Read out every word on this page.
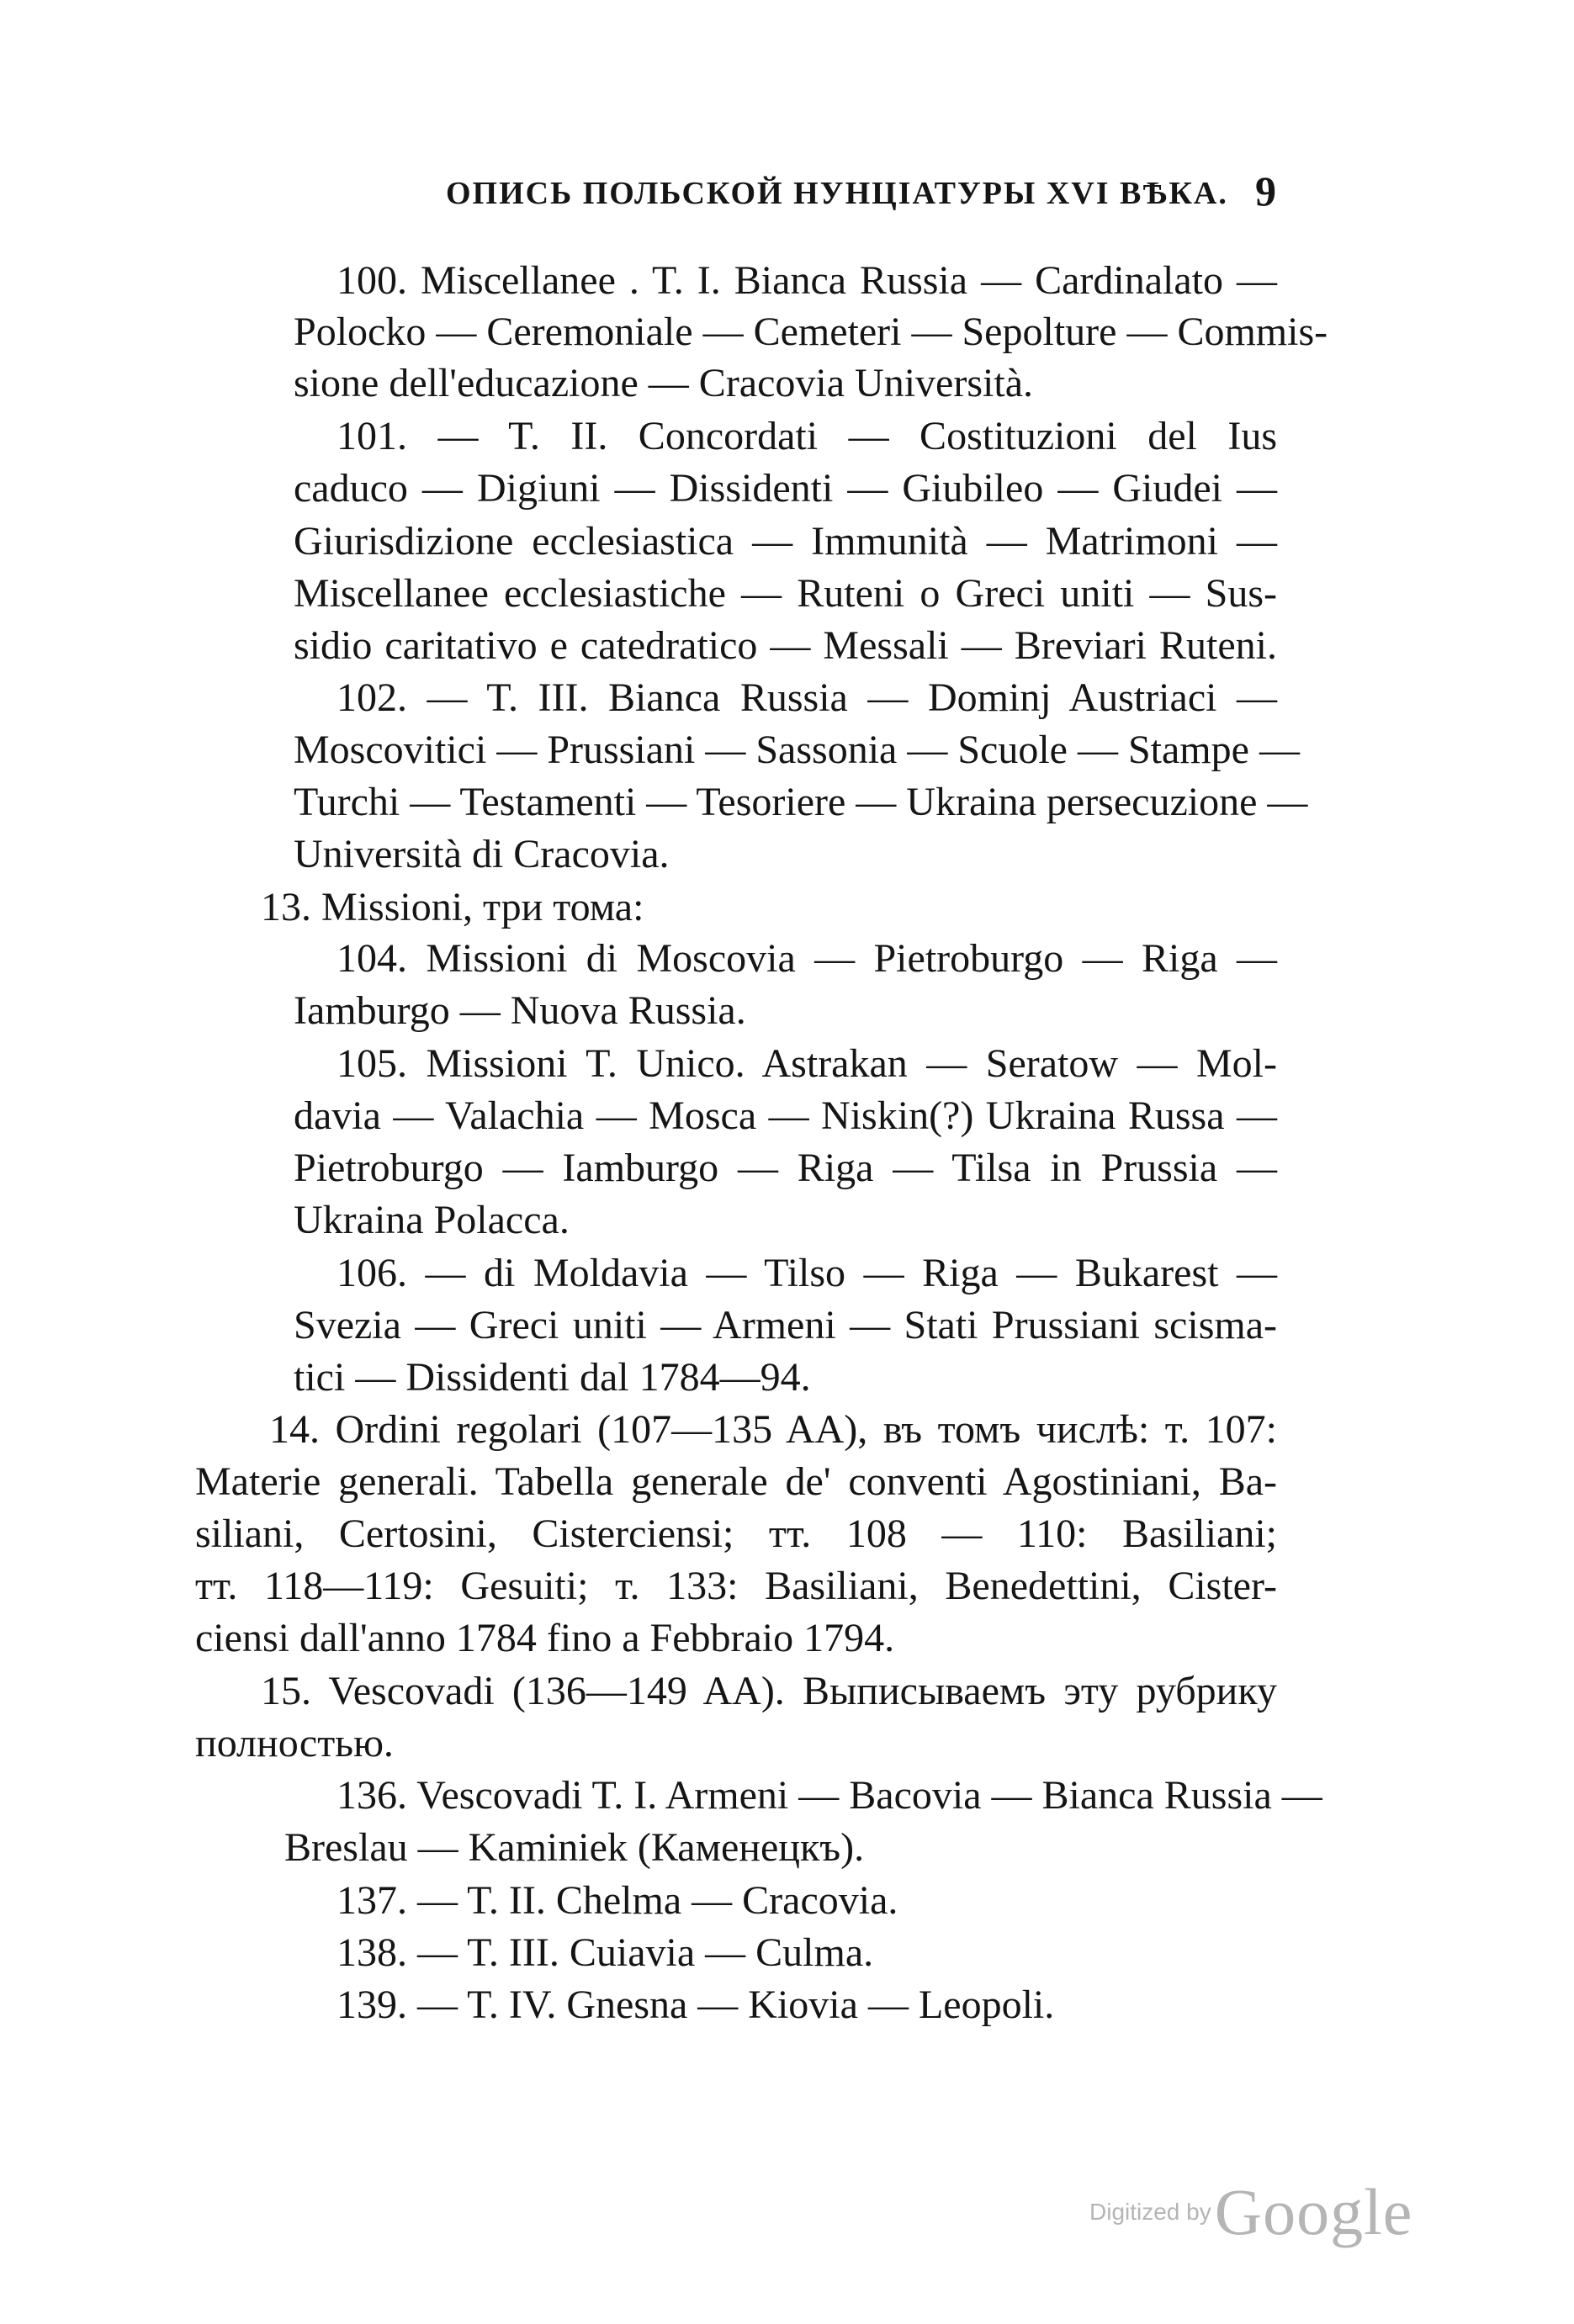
ОПИСЬ ПОЛЬСКОЙ НУНЦIАТУРЫ XVI ВѢКА. 9
100. Miscellanee . T. I. Bianca Russia — Cardinalato —
Polocko — Ceremoniale — Cemeteri — Sepolture — Commis-
sione dell'educazione — Cracovia Università.
101. — T. II. Concordati — Costituzioni del Ius
caduco — Digiuni — Dissidenti — Giubileo — Giudei —
Giurisdizione ecclesiastica — Immunità — Matrimoni —
Miscellanee ecclesiastiche — Ruteni o Greci uniti — Sus-
sidio caritativo e catedratico — Messali — Breviari Ruteni.
102. — T. III. Bianca Russia — Dominj Austriaci —
Moscovitici — Prussiani — Sassonia — Scuole — Stampe —
Turchi — Testamenti — Tesoriere — Ukraina persecuzione —
Università di Cracovia.
13. Missioni, три тома:
104. Missioni di Moscovia — Pietroburgo — Riga —
Iamburgo — Nuova Russia.
105. Missioni T. Unico. Astrakan — Seratow — Mol-
davia — Valachia — Mosca — Niskin(?) Ukraina Russa —
Pietroburgo — Iamburgo — Riga — Tilsa in Prussia —
Ukraina Polacca.
106. — di Moldavia — Tilso — Riga — Bukarest —
Svezia — Greci uniti — Armeni — Stati Prussiani scisma-
tici — Dissidenti dal 1784—94.
14. Ordini regolari (107—135 AA), въ томъ числѣ: т. 107:
Materie generali. Tabella generale de' conventi Agostiniani, Ba-
siliani, Certosini, Cisterciensi; тт. 108 — 110: Basiliani;
тт. 118—119: Gesuiti; т. 133: Basiliani, Benedettini, Cister-
ciensi dall'anno 1784 fino a Febbraio 1794.
15. Vescovadi (136—149 AA). Выписываемъ эту рубрику
полностью.
136. Vescovadi T. I. Armeni — Bacovia — Bianca Russia —
Breslau — Kaminiek (Каменецкъ).
137. — T. II. Chelma — Cracovia.
138. — T. III. Cuiavia — Culma.
139. — T. IV. Gnesna — Kiovia — Leopoli.
Digitized by Google
